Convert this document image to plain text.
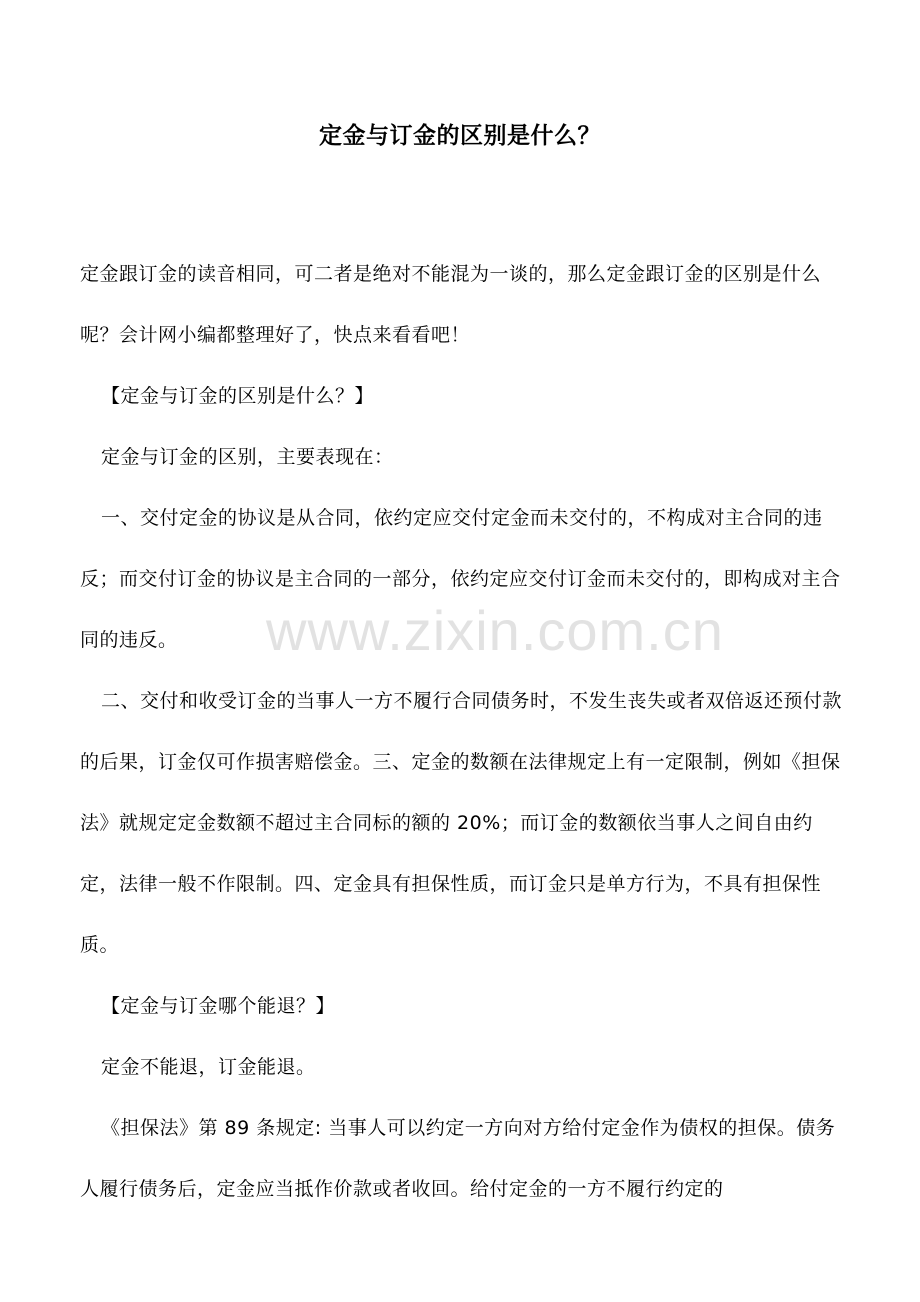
www.zixin.com.cn
定金与订金的区别是什么？

定金跟订金的读音相同，可二者是绝对不能混为一谈的，那么定金跟订金的区别是什么呢？会计网小编都整理好了，快点来看看吧！

【定金与订金的区别是什么？】

定金与订金的区别，主要表现在：

一、交付定金的协议是从合同，依约定应交付定金而未交付的，不构成对主合同的违反；而交付订金的协议是主合同的一部分，依约定应交付订金而未交付的，即构成对主合同的违反。

二、交付和收受订金的当事人一方不履行合同债务时，不发生丧失或者双倍返还预付款的后果，订金仅可作损害赔偿金。三、定金的数额在法律规定上有一定限制，例如《担保法》就规定定金数额不超过主合同标的额的 20%；而订金的数额依当事人之间自由约定，法律一般不作限制。四、定金具有担保性质，而订金只是单方行为，不具有担保性质。

【定金与订金哪个能退？】

定金不能退，订金能退。

《担保法》第 89 条规定: 当事人可以约定一方向对方给付定金作为债权的担保。债务人履行债务后，定金应当抵作价款或者收回。给付定金的一方不履行约定的
